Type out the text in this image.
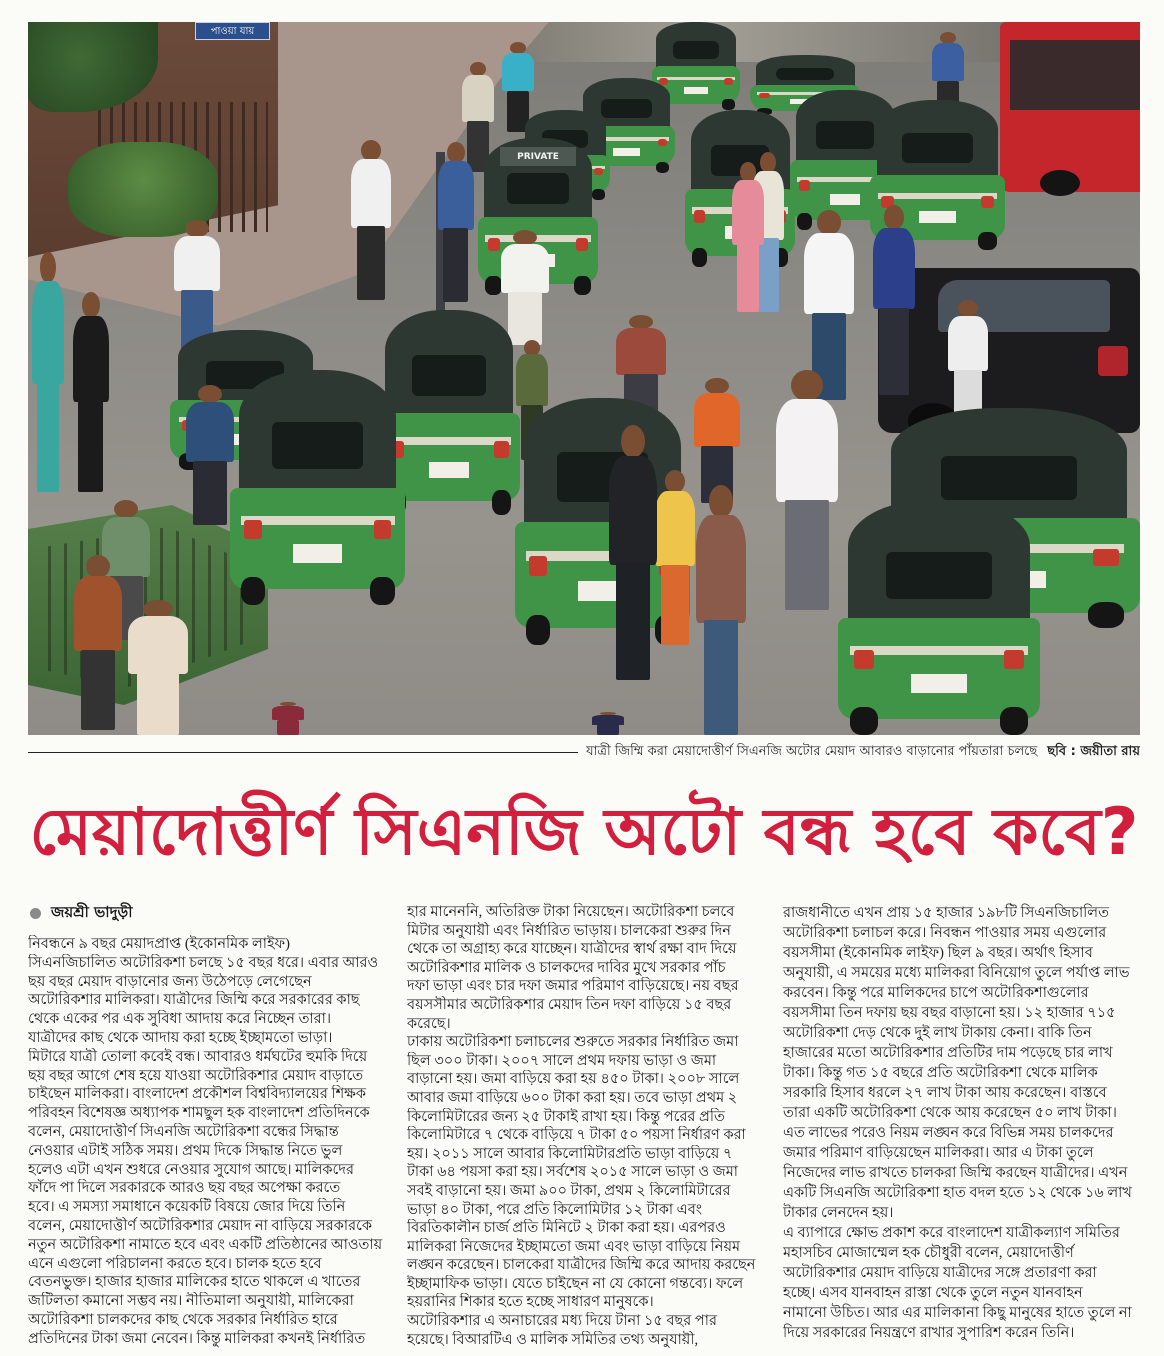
পাওয়া যায়
PRIVATE
যাত্রী জিম্মি করা মেয়াদোত্তীর্ণ সিএনজি অটোর মেয়াদ আবারও বাড়ানোর পাঁয়তারা চলছে ছবি : জয়ীতা রায়
মেয়াদোত্তীর্ণ সিএনজি অটো বন্ধ হবে কবে?
জয়শ্রী ভাদুড়ী
নিবন্ধনে ৯ বছর মেয়াদপ্রাপ্ত (ইকোনমিক লাইফ)
সিএনজিচালিত অটোরিকশা চলছে ১৫ বছর ধরে। এবার আরও
ছয় বছর মেয়াদ বাড়ানোর জন্য উঠেপড়ে লেগেছেন
অটোরিকশার মালিকরা। যাত্রীদের জিম্মি করে সরকারের কাছ
থেকে একের পর এক সুবিধা আদায় করে নিচ্ছেন তারা।
যাত্রীদের কাছ থেকে আদায় করা হচ্ছে ইচ্ছামতো ভাড়া।
মিটারে যাত্রী তোলা কবেই বন্ধ। আবারও ধর্মঘটের হুমকি দিয়ে
ছয় বছর আগে শেষ হয়ে যাওয়া অটোরিকশার মেয়াদ বাড়াতে
চাইছেন মালিকরা। বাংলাদেশ প্রকৌশল বিশ্ববিদ্যালয়ের শিক্ষক
পরিবহন বিশেষজ্ঞ অধ্যাপক শামছুল হক বাংলাদেশ প্রতিদিনকে
বলেন, মেয়াদোত্তীর্ণ সিএনজি অটোরিকশা বন্ধের সিদ্ধান্ত
নেওয়ার এটাই সঠিক সময়। প্রথম দিকে সিদ্ধান্ত নিতে ভুল
হলেও এটা এখন শুধরে নেওয়ার সুযোগ আছে। মালিকদের
ফাঁদে পা দিলে সরকারকে আরও ছয় বছর অপেক্ষা করতে
হবে। এ সমস্যা সমাধানে কয়েকটি বিষয়ে জোর দিয়ে তিনি
বলেন, মেয়াদোত্তীর্ণ অটোরিকশার মেয়াদ না বাড়িয়ে সরকারকে
নতুন অটোরিকশা নামাতে হবে এবং একটি প্রতিষ্ঠানের আওতায়
এনে এগুলো পরিচালনা করতে হবে। চালক হতে হবে
বেতনভুক্ত। হাজার হাজার মালিকের হাতে থাকলে এ খাতের
জটিলতা কমানো সম্ভব নয়। নীতিমালা অনুযায়ী, মালিকেরা
অটোরিকশা চালকদের কাছ থেকে সরকার নির্ধারিত হারে
প্রতিদিনের টাকা জমা নেবেন। কিন্তু মালিকরা কখনই নির্ধারিত
হার মানেননি, অতিরিক্ত টাকা নিয়েছেন। অটোরিকশা চলবে
মিটার অনুযায়ী এবং নির্ধারিত ভাড়ায়। চালকেরা শুরুর দিন
থেকে তা অগ্রাহ্য করে যাচ্ছেন। যাত্রীদের স্বার্থ রক্ষা বাদ দিয়ে
অটোরিকশার মালিক ও চালকদের দাবির মুখে সরকার পাঁচ
দফা ভাড়া এবং চার দফা জমার পরিমাণ বাড়িয়েছে। নয় বছর
বয়সসীমার অটোরিকশার মেয়াদ তিন দফা বাড়িয়ে ১৫ বছর
করেছে।
ঢাকায় অটোরিকশা চলাচলের শুরুতে সরকার নির্ধারিত জমা
ছিল ৩০০ টাকা। ২০০৭ সালে প্রথম দফায় ভাড়া ও জমা
বাড়ানো হয়। জমা বাড়িয়ে করা হয় ৪৫০ টাকা। ২০০৮ সালে
আবার জমা বাড়িয়ে ৬০০ টাকা করা হয়। তবে ভাড়া প্রথম ২
কিলোমিটারের জন্য ২৫ টাকাই রাখা হয়। কিন্তু পরের প্রতি
কিলোমিটারে ৭ থেকে বাড়িয়ে ৭ টাকা ৫০ পয়সা নির্ধারণ করা
হয়। ২০১১ সালে আবার কিলোমিটারপ্রতি ভাড়া বাড়িয়ে ৭
টাকা ৬৪ পয়সা করা হয়। সর্বশেষ ২০১৫ সালে ভাড়া ও জমা
সবই বাড়ানো হয়। জমা ৯০০ টাকা, প্রথম ২ কিলোমিটারের
ভাড়া ৪০ টাকা, পরে প্রতি কিলোমিটার ১২ টাকা এবং
বিরতিকালীন চার্জ প্রতি মিনিটে ২ টাকা করা হয়। এরপরও
মালিকরা নিজেদের ইচ্ছামতো জমা এবং ভাড়া বাড়িয়ে নিয়ম
লঙ্ঘন করেছেন। চালকেরা যাত্রীদের জিম্মি করে আদায় করছেন
ইচ্ছামাফিক ভাড়া। যেতে চাইছেন না যে কোনো গন্তব্যে। ফলে
হয়রানির শিকার হতে হচ্ছে সাধারণ মানুষকে।
অটোরিকশার এ অনাচারের মধ্য দিয়ে টানা ১৫ বছর পার
হয়েছে। বিআরটিএ ও মালিক সমিতির তথ্য অনুযায়ী,
রাজধানীতে এখন প্রায় ১৫ হাজার ১৯৮টি সিএনজিচালিত
অটোরিকশা চলাচল করে। নিবন্ধন পাওয়ার সময় এগুলোর
বয়সসীমা (ইকোনমিক লাইফ) ছিল ৯ বছর। অর্থাৎ হিসাব
অনুযায়ী, এ সময়ের মধ্যে মালিকরা বিনিয়োগ তুলে পর্যাপ্ত লাভ
করবেন। কিন্তু পরে মালিকদের চাপে অটোরিকশাগুলোর
বয়সসীমা তিন দফায় ছয় বছর বাড়ানো হয়। ১২ হাজার ৭১৫
অটোরিকশা দেড় থেকে দুই লাখ টাকায় কেনা। বাকি তিন
হাজারের মতো অটোরিকশার প্রতিটির দাম পড়েছে চার লাখ
টাকা। কিন্তু গত ১৫ বছরে প্রতি অটোরিকশা থেকে মালিক
সরকারি হিসাব ধরলে ২৭ লাখ টাকা আয় করেছেন। বাস্তবে
তারা একটি অটোরিকশা থেকে আয় করেছেন ৫০ লাখ টাকা।
এত লাভের পরেও নিয়ম লঙ্ঘন করে বিভিন্ন সময় চালকদের
জমার পরিমাণ বাড়িয়েছেন মালিকরা। আর এ টাকা তুলে
নিজেদের লাভ রাখতে চালকরা জিম্মি করছেন যাত্রীদের। এখন
একটি সিএনজি অটোরিকশা হাত বদল হতে ১২ থেকে ১৬ লাখ
টাকার লেনদেন হয়।
এ ব্যাপারে ক্ষোভ প্রকাশ করে বাংলাদেশ যাত্রীকল্যাণ সমিতির
মহাসচিব মোজাম্মেল হক চৌধুরী বলেন, মেয়াদোত্তীর্ণ
অটোরিকশার মেয়াদ বাড়িয়ে যাত্রীদের সঙ্গে প্রতারণা করা
হচ্ছে। এসব যানবাহন রাস্তা থেকে তুলে নতুন যানবাহন
নামানো উচিত। আর এর মালিকানা কিছু মানুষের হাতে তুলে না
দিয়ে সরকারের নিয়ন্ত্রণে রাখার সুপারিশ করেন তিনি।
